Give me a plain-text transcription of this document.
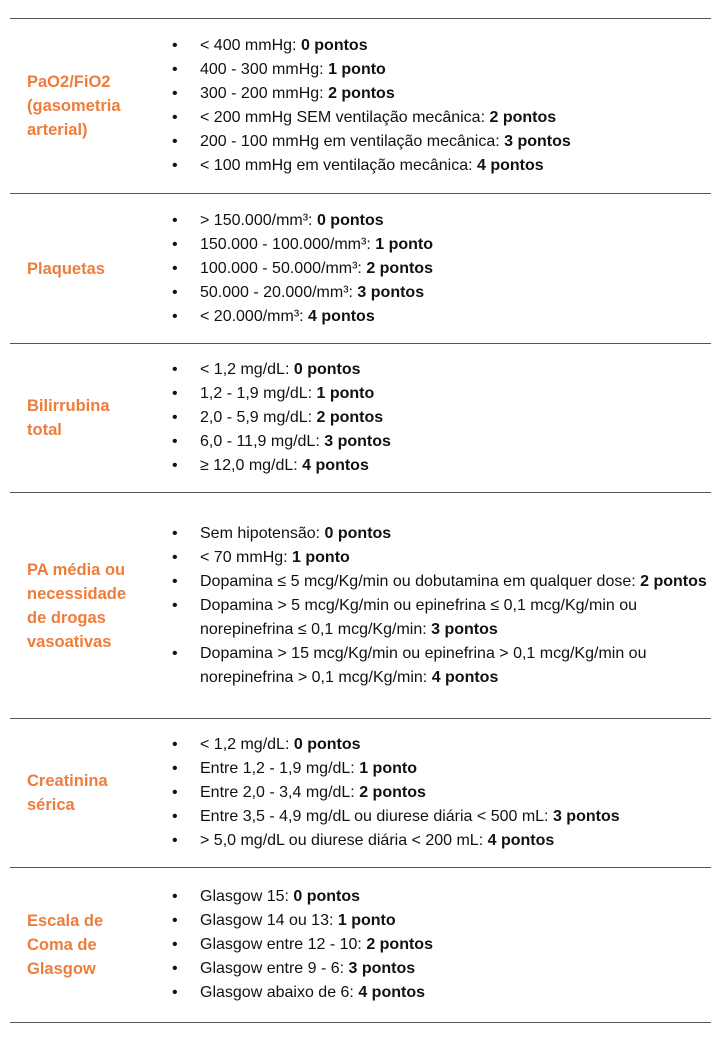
PaO2/FiO2 (gasometria arterial)
• < 400 mmHg: 0 pontos
• 400 - 300 mmHg: 1 ponto
• 300 - 200 mmHg: 2 pontos
• < 200 mmHg SEM ventilação mecânica: 2 pontos
• 200 - 100 mmHg em ventilação mecânica: 3 pontos
• < 100 mmHg em ventilação mecânica: 4 pontos
Plaquetas
• > 150.000/mm³: 0 pontos
• 150.000 - 100.000/mm³: 1 ponto
• 100.000 - 50.000/mm³: 2 pontos
• 50.000 - 20.000/mm³: 3 pontos
• < 20.000/mm³: 4 pontos
Bilirrubina total
• < 1,2 mg/dL: 0 pontos
• 1,2 - 1,9 mg/dL: 1 ponto
• 2,0 - 5,9 mg/dL: 2 pontos
• 6,0 - 11,9 mg/dL: 3 pontos
• ≥ 12,0 mg/dL: 4 pontos
PA média ou necessidade de drogas vasoativas
• Sem hipotensão: 0 pontos
• < 70 mmHg: 1 ponto
• Dopamina ≤ 5 mcg/Kg/min ou dobutamina em qualquer dose: 2 pontos
• Dopamina > 5 mcg/Kg/min ou epinefrina ≤ 0,1 mcg/Kg/min ou norepinefrina ≤ 0,1 mcg/Kg/min: 3 pontos
• Dopamina > 15 mcg/Kg/min ou epinefrina > 0,1 mcg/Kg/min ou norepinefrina > 0,1 mcg/Kg/min: 4 pontos
Creatinina sérica
• < 1,2 mg/dL: 0 pontos
• Entre 1,2 - 1,9 mg/dL: 1 ponto
• Entre 2,0 - 3,4 mg/dL: 2 pontos
• Entre 3,5 - 4,9 mg/dL ou diurese diária < 500 mL: 3 pontos
• > 5,0 mg/dL ou diurese diária < 200 mL: 4 pontos
Escala de Coma de Glasgow
• Glasgow 15: 0 pontos
• Glasgow 14 ou 13: 1 ponto
• Glasgow entre 12 - 10: 2 pontos
• Glasgow entre 9 - 6: 3 pontos
• Glasgow abaixo de 6: 4 pontos
